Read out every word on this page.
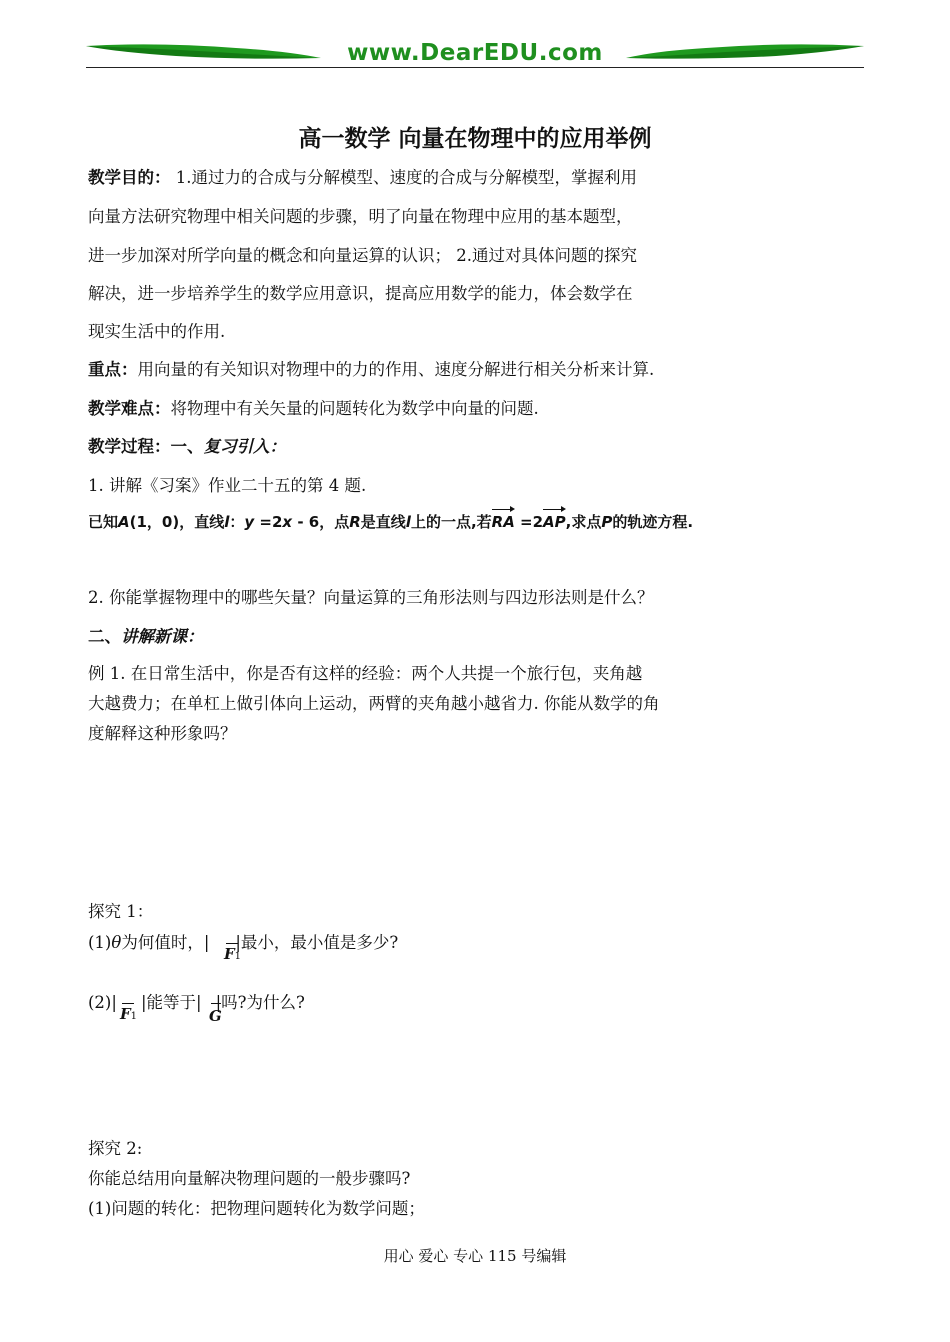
www.DearEDU.com
高一数学 向量在物理中的应用举例
教学目的： 1.通过力的合成与分解模型、速度的合成与分解模型，掌握利用
向量方法研究物理中相关问题的步骤，明了向量在物理中应用的基本题型，
进一步加深对所学向量的概念和向量运算的认识； 2.通过对具体问题的探究
解决，进一步培养学生的数学应用意识，提高应用数学的能力，体会数学在
现实生活中的作用.
重点：用向量的有关知识对物理中的力的作用、速度分解进行相关分析来计算.
教学难点：将物理中有关矢量的问题转化为数学中向量的问题.
教学过程：一、复习引入：
1. 讲解《习案》作业二十五的第 4 题.
已知A(1，0)，直线l：y =2x - 6，点R是直线l上的一点,若RA =2AP,求点P的轨迹方程.
2. 你能掌握物理中的哪些矢量？向量运算的三角形法则与四边形法则是什么？
二、讲解新课：
例 1. 在日常生活中，你是否有这样的经验：两个人共提一个旅行包，夹角越
大越费力；在单杠上做引体向上运动，两臂的夹角越小越省力. 你能从数学的角
度解释这种形象吗？
探究 1：
(1)θ为何值时，| |最小，最小值是多少?
F1
(2)| |能等于| |吗?为什么?
F1	G
探究 2:
你能总结用向量解决物理问题的一般步骤吗?
(1)问题的转化：把物理问题转化为数学问题；
用心 爱心 专心 115 号编辑
